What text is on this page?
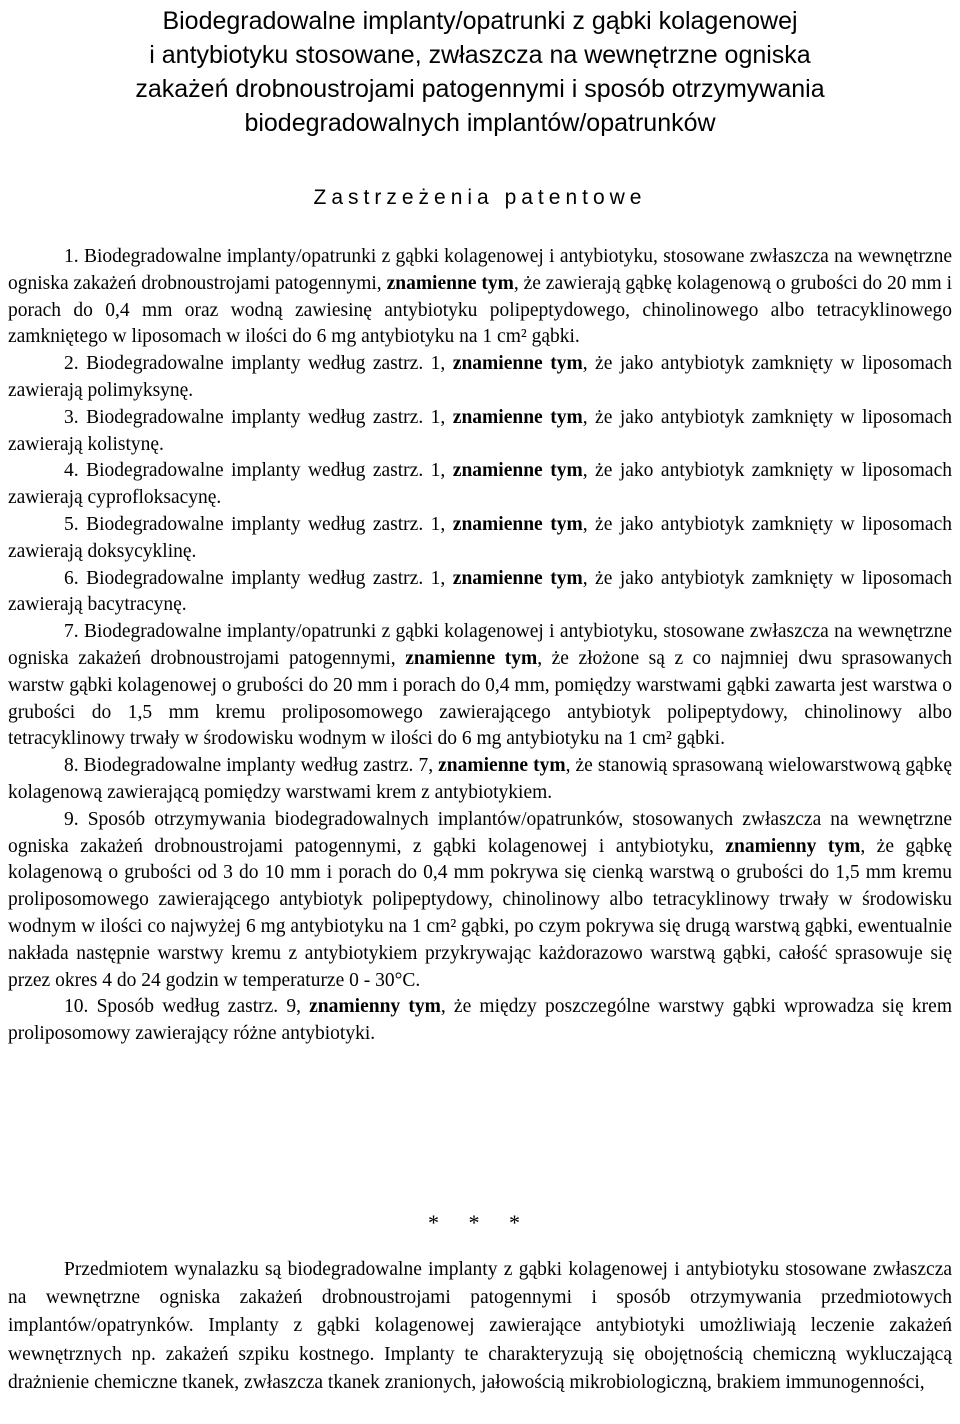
Biodegradowalne implanty/opatrunki z gąbki kolagenowej
i antybiotyku stosowane, zwłaszcza na wewnętrzne ogniska
zakażeń drobnoustrojami patogennymi i sposób otrzymywania
biodegradowalnych implantów/opatrunków
Zastrzeżenia patentowe

1. Biodegradowalne implanty/opatrunki z gąbki kolagenowej i antybiotyku, stosowane zwłaszcza na wewnętrzne ogniska zakażeń drobnoustrojami patogennymi, znamienne tym, że zawierają gąbkę kolagenową o grubości do 20 mm i porach do 0,4 mm oraz wodną zawiesinę antybiotyku polipeptydowego, chinolinowego albo tetracyklinowego zamkniętego w liposomach w ilości do 6 mg antybiotyku na 1 cm² gąbki.

2. Biodegradowalne implanty według zastrz. 1, znamienne tym, że jako antybiotyk zamknięty w liposomach zawierają polimyksynę.

3. Biodegradowalne implanty według zastrz. 1, znamienne tym, że jako antybiotyk zamknięty w liposomach zawierają kolistynę.

4. Biodegradowalne implanty według zastrz. 1, znamienne tym, że jako antybiotyk zamknięty w liposomach zawierają cyprofloksacynę.

5. Biodegradowalne implanty według zastrz. 1, znamienne tym, że jako antybiotyk zamknięty w liposomach zawierają doksycyklinę.

6. Biodegradowalne implanty według zastrz. 1, znamienne tym, że jako antybiotyk zamknięty w liposomach zawierają bacytracynę.

7. Biodegradowalne implanty/opatrunki z gąbki kolagenowej i antybiotyku, stosowane zwłaszcza na wewnętrzne ogniska zakażeń drobnoustrojami patogennymi, znamienne tym, że złożone są z co najmniej dwu sprasowanych warstw gąbki kolagenowej o grubości do 20 mm i porach do 0,4 mm, pomiędzy warstwami gąbki zawarta jest warstwa o grubości do 1,5 mm kremu proliposomowego zawierającego antybiotyk polipeptydowy, chinolinowy albo tetracyklinowy trwały w środowisku wodnym w ilości do 6 mg antybiotyku na 1 cm² gąbki.

8. Biodegradowalne implanty według zastrz. 7, znamienne tym, że stanowią sprasowaną wielowarstwową gąbkę kolagenową zawierającą pomiędzy warstwami krem z antybiotykiem.

9. Sposób otrzymywania biodegradowalnych implantów/opatrunków, stosowanych zwłaszcza na wewnętrzne ogniska zakażeń drobnoustrojami patogennymi, z gąbki kolagenowej i antybiotyku, znamienny tym, że gąbkę kolagenową o grubości od 3 do 10 mm i porach do 0,4 mm pokrywa się cienką warstwą o grubości do 1,5 mm kremu proliposomowego zawierającego antybiotyk polipeptydowy, chinolinowy albo tetracyklinowy trwały w środowisku wodnym w ilości co najwyżej 6 mg antybiotyku na 1 cm² gąbki, po czym pokrywa się drugą warstwą gąbki, ewentualnie nakłada następnie warstwy kremu z antybiotykiem przykrywając każdorazowo warstwą gąbki, całość sprasowuje się przez okres 4 do 24 godzin w temperaturze 0 - 30°C.

10. Sposób według zastrz. 9, znamienny tym, że między poszczególne warstwy gąbki wprowadza się krem proliposomowy zawierający różne antybiotyki.

* * *

Przedmiotem wynalazku są biodegradowalne implanty z gąbki kolagenowej i antybiotyku stosowane zwłaszcza na wewnętrzne ogniska zakażeń drobnoustrojami patogennymi i sposób otrzymywania przedmiotowych implantów/opatrynków. Implanty z gąbki kolagenowej zawierające antybiotyki umożliwiają leczenie zakażeń wewnętrznych np. zakażeń szpiku kostnego. Implanty te charakteryzują się obojętnością chemiczną wykluczającą drażnienie chemiczne tkanek, zwłaszcza tkanek zranionych, jałowością mikrobiologiczną, brakiem immunogenności,
